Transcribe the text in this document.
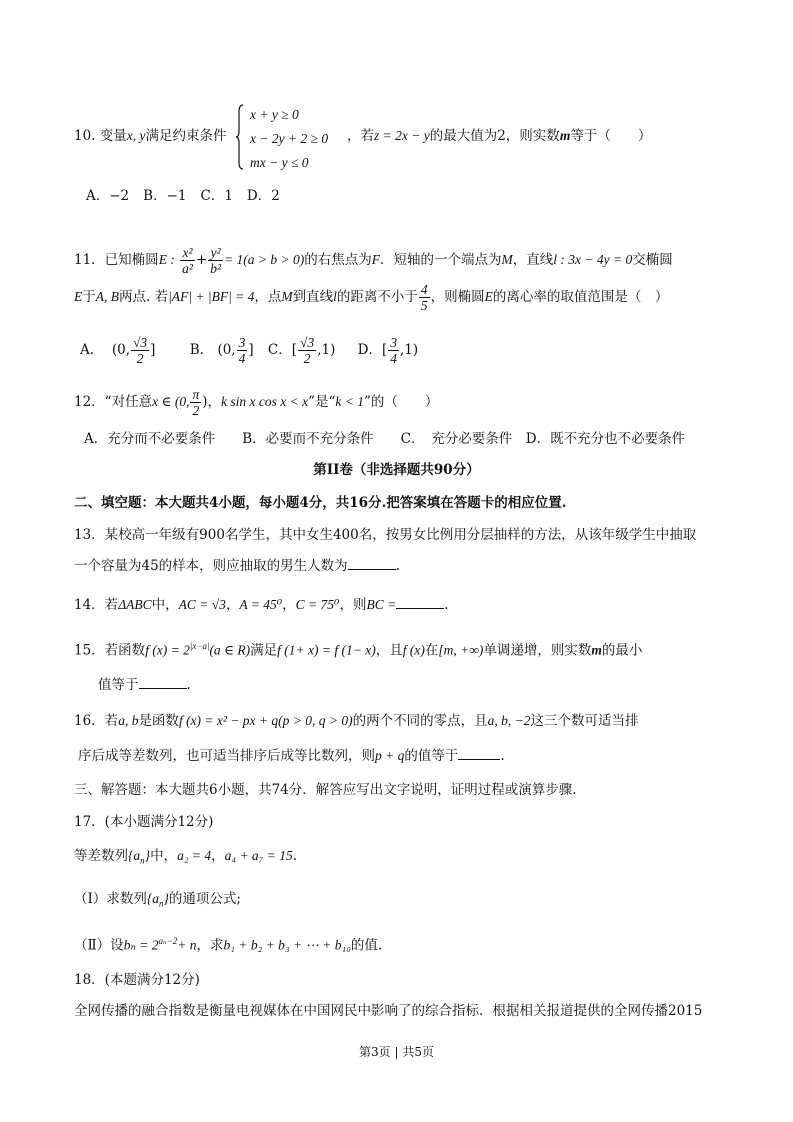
10. 变量x, y满足约束条件
x + y ≥ 0
x − 2y + 2 ≥ 0
mx − y ≤ 0
，若z = 2x − y的最大值为2，则实数m等于（　　）
A．−2 B．−1 C．1 D．2
11．已知椭圆E : $\frac{\text{x²}}{\text{a²}} + \frac{\text{y²}}{\text{b²}} = 1(a > b > 0)$的右焦点为F．短轴的一个端点为M，直线l : 3x − 4y = 0交椭圆
E于A, B两点. 若|AF| + |BF| = 4，点M到直线l的距离不小于 $\frac{4}{5}$ ，则椭圆E的离心率的取值范围是（　）
A.　 (0, $\frac{√3}{2}$ ]	B.　(0, $\frac{3}{4}$ ] C．[ $\frac{√3}{2} ,1$) D．[ $\frac{3}{4} ,1$)
12．“对任意x ∈ (0, $\frac{\pi}{2}$ )，k sin x cos x < x”是“k < 1”的（　　）
A．充分而不必要条件　　B．必要而不充分条件　　C．　充分必要条件　D．既不充分也不必要条件
第II卷（非选择题共90分）
二、填空题：本大题共4小题，每小题4分，共16分.把答案填在答题卡的相应位置.
13．某校高一年级有900名学生，其中女生400名，按男女比例用分层抽样的方法，从该年级学生中抽取
一个容量为45的样本，则应抽取的男生人数为	.
14．若ΔABC中，AC = √3，A = 45⁰，C = 75⁰，则BC =	.
15．若函数f $(x) = 2^{|x-a|}(a$ ∈ R)满足f (1+ x) = f (1− x)，且f (x)在[m, +∞)单调递增，则实数m的最小
值等于	.
16．若a, b是函数f (x) = x² − px + q(p > 0, q > 0)的两个不同的零点，且a, b, −2这三个数可适当排
序后成等差数列，也可适当排序后成等比数列，则p + q的值等于	.
三、解答题：本大题共6小题，共74分．解答应写出文字说明，证明过程或演算步骤.
17．(本小题满分12分)
等差数列$\{a_n\}$中，a₂ = 4，a₄ + a₇ = 15.
（Ⅰ）求数列$\{a_n\}$的通项公式;
（Ⅱ）设$b_n = 2^{a_n-2}+ n$，求b₁ + b₂ + b₃ + ⋯ + b₁₀的值.
18．(本题满分12分)
全网传播的融合指数是衡量电视媒体在中国网民中影响了的综合指标．根据相关报道提供的全网传播2015
第3页 | 共5页
